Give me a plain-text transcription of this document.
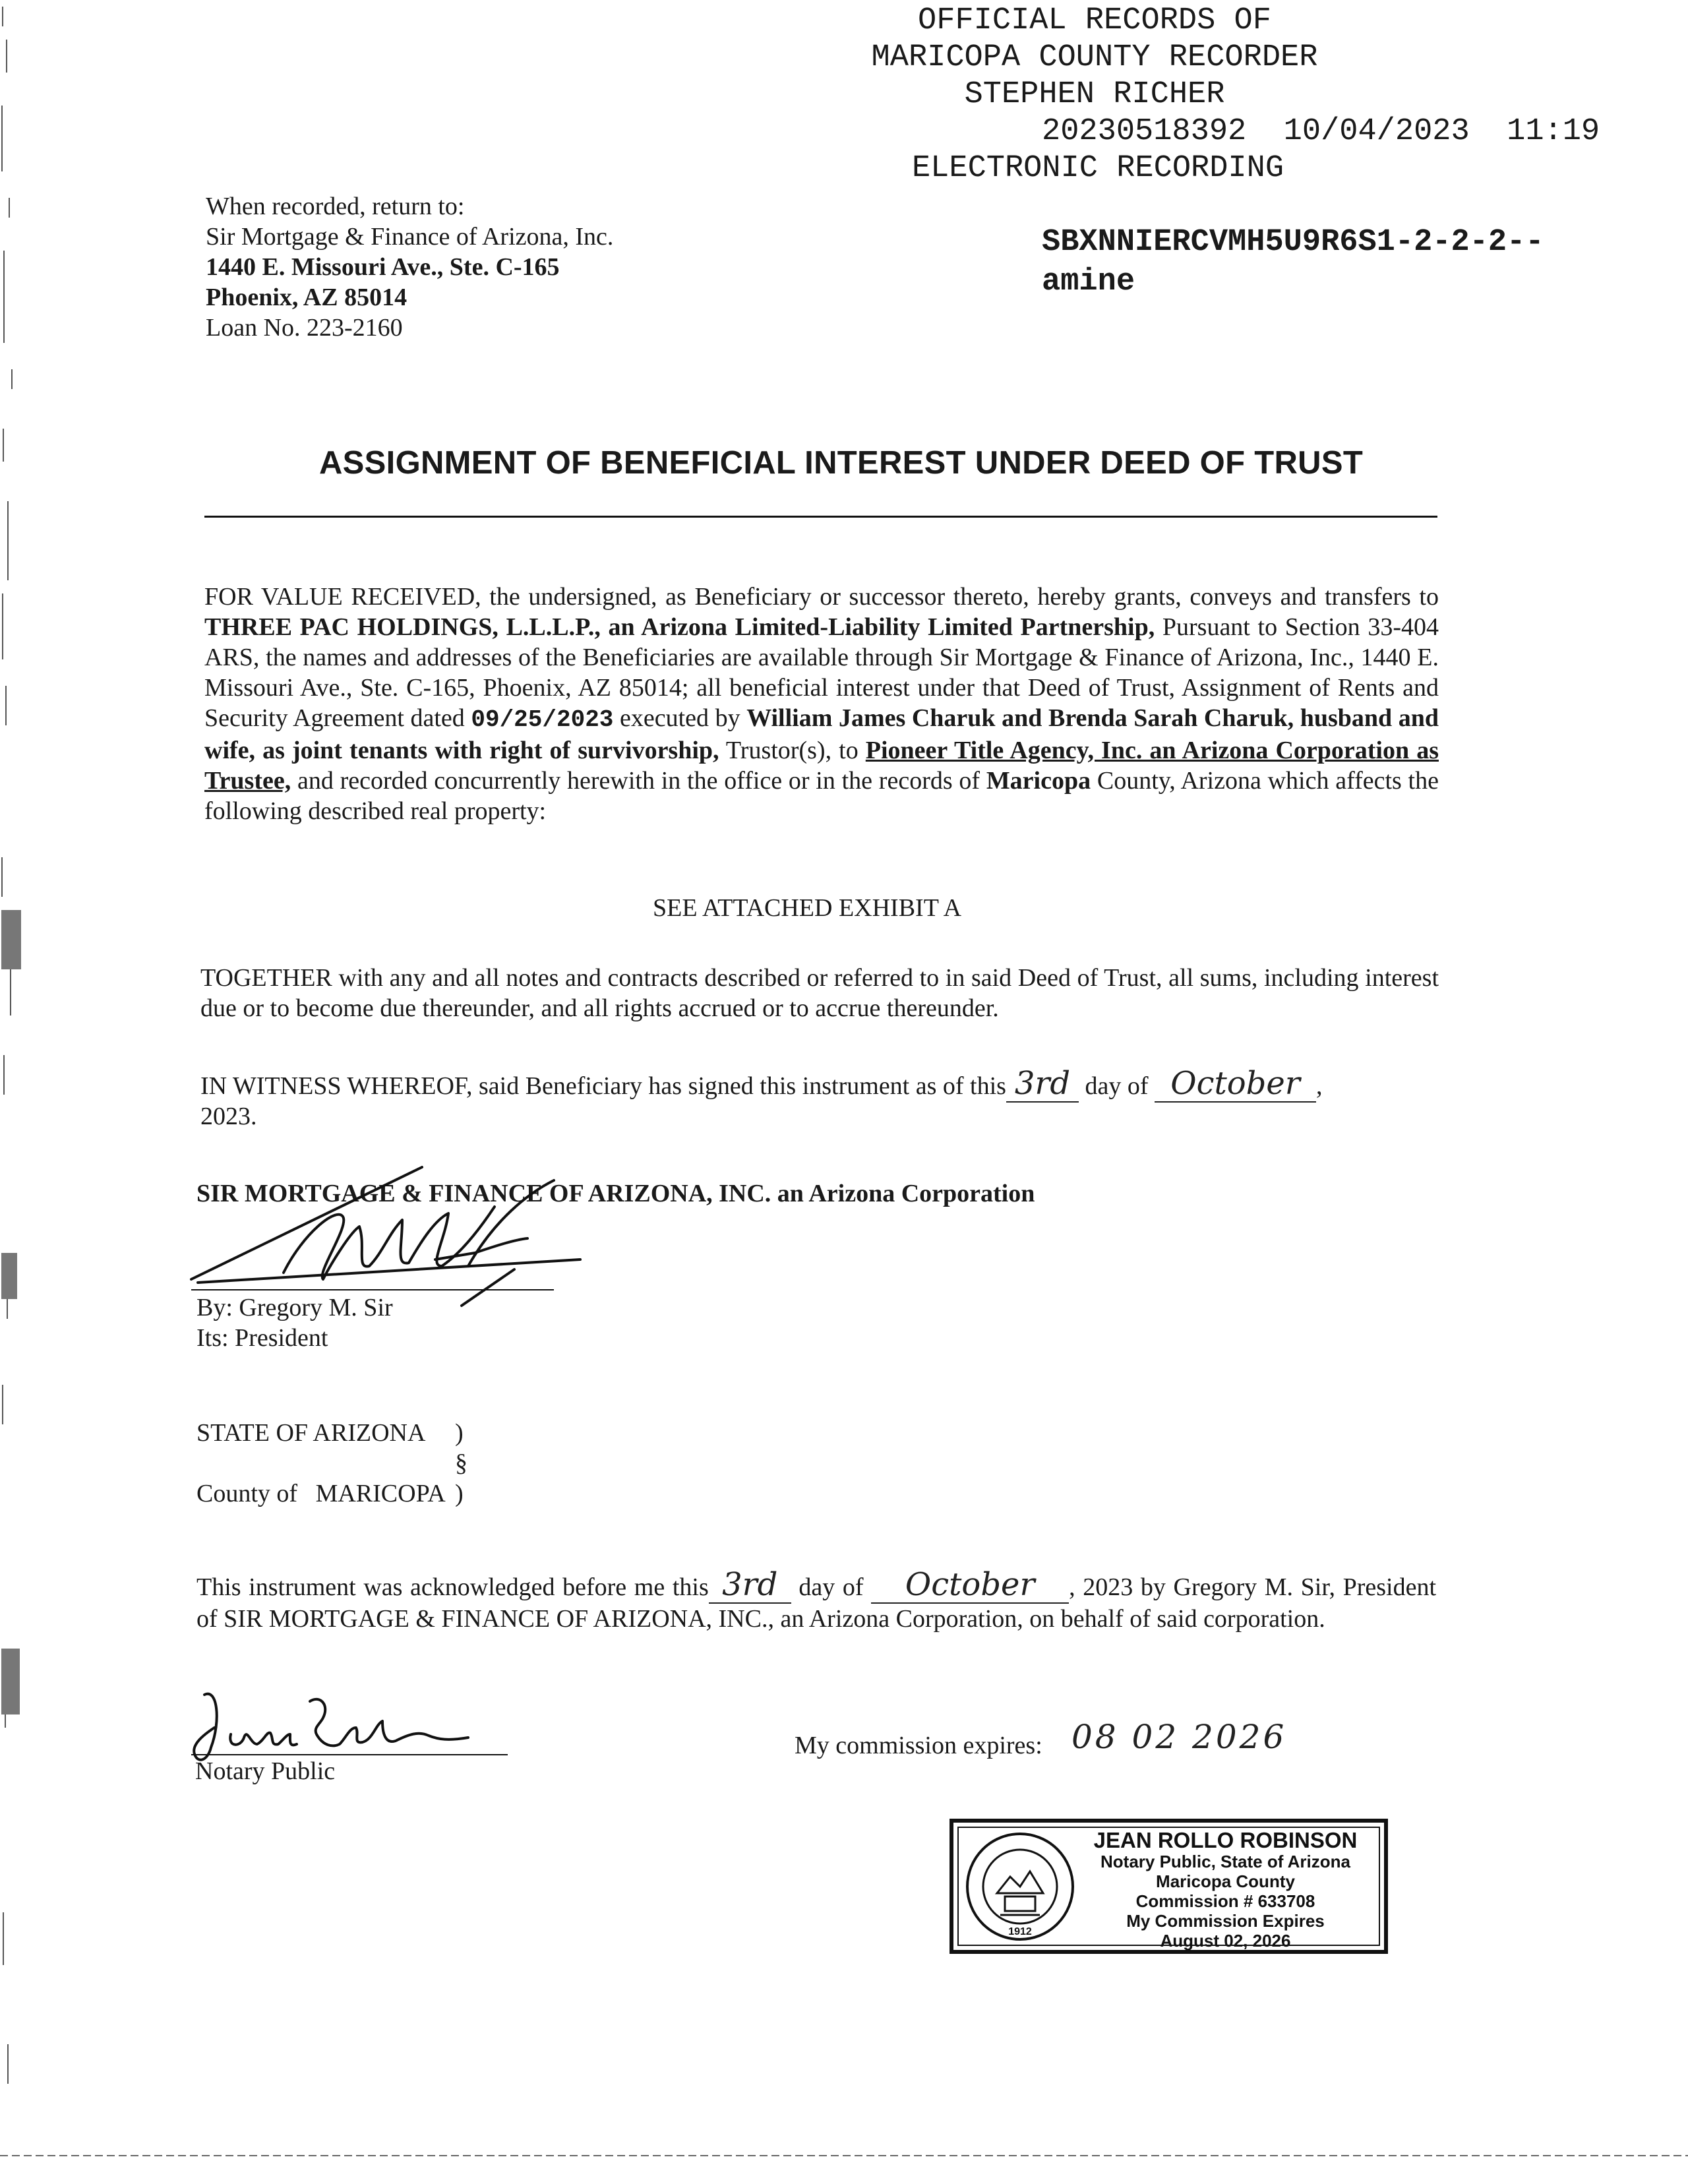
OFFICIAL RECORDS OF
MARICOPA COUNTY RECORDER
STEPHEN RICHER
20230518392  10/04/2023  11:19
ELECTRONIC RECORDING
SBXNNIERCVMH5U9R6S1-2-2-2--
amine
When recorded, return to:
Sir Mortgage & Finance of Arizona, Inc.
1440 E. Missouri Ave., Ste. C-165
Phoenix, AZ 85014
Loan No. 223-2160
ASSIGNMENT OF BENEFICIAL INTEREST UNDER DEED OF TRUST
FOR VALUE RECEIVED, the undersigned, as Beneficiary or successor thereto, hereby grants, conveys and transfers to THREE PAC HOLDINGS, L.L.L.P., an Arizona Limited-Liability Limited Partnership, Pursuant to Section 33-404 ARS, the names and addresses of the Beneficiaries are available through Sir Mortgage & Finance of Arizona, Inc., 1440 E. Missouri Ave., Ste. C-165, Phoenix, AZ 85014; all beneficial interest under that Deed of Trust, Assignment of Rents and Security Agreement dated 09/25/2023 executed by William James Charuk and Brenda Sarah Charuk, husband and wife, as joint tenants with right of survivorship, Trustor(s), to Pioneer Title Agency, Inc. an Arizona Corporation as Trustee, and recorded concurrently herewith in the office or in the records of Maricopa County, Arizona which affects the following described real property:
SEE ATTACHED EXHIBIT A
TOGETHER with any and all notes and contracts described or referred to in said Deed of Trust, all sums, including interest due or to become due thereunder, and all rights accrued or to accrue thereunder.
IN WITNESS WHEREOF, said Beneficiary has signed this instrument as of this 3rd day of October ,
2023.
SIR MORTGAGE & FINANCE OF ARIZONA, INC. an Arizona Corporation
By: Gregory M. Sir
Its: President
STATE OF ARIZONA )
§
County of MARICOPA )
This instrument was acknowledged before me this 3rd day of October , 2023 by Gregory M. Sir, President of SIR MORTGAGE & FINANCE OF ARIZONA, INC., an Arizona Corporation, on behalf of said corporation.
Notary Public
My commission expires: 08 02 2026
1912
JEAN ROLLO ROBINSON
Notary Public, State of Arizona
Maricopa County
Commission # 633708
My Commission Expires
August 02, 2026
